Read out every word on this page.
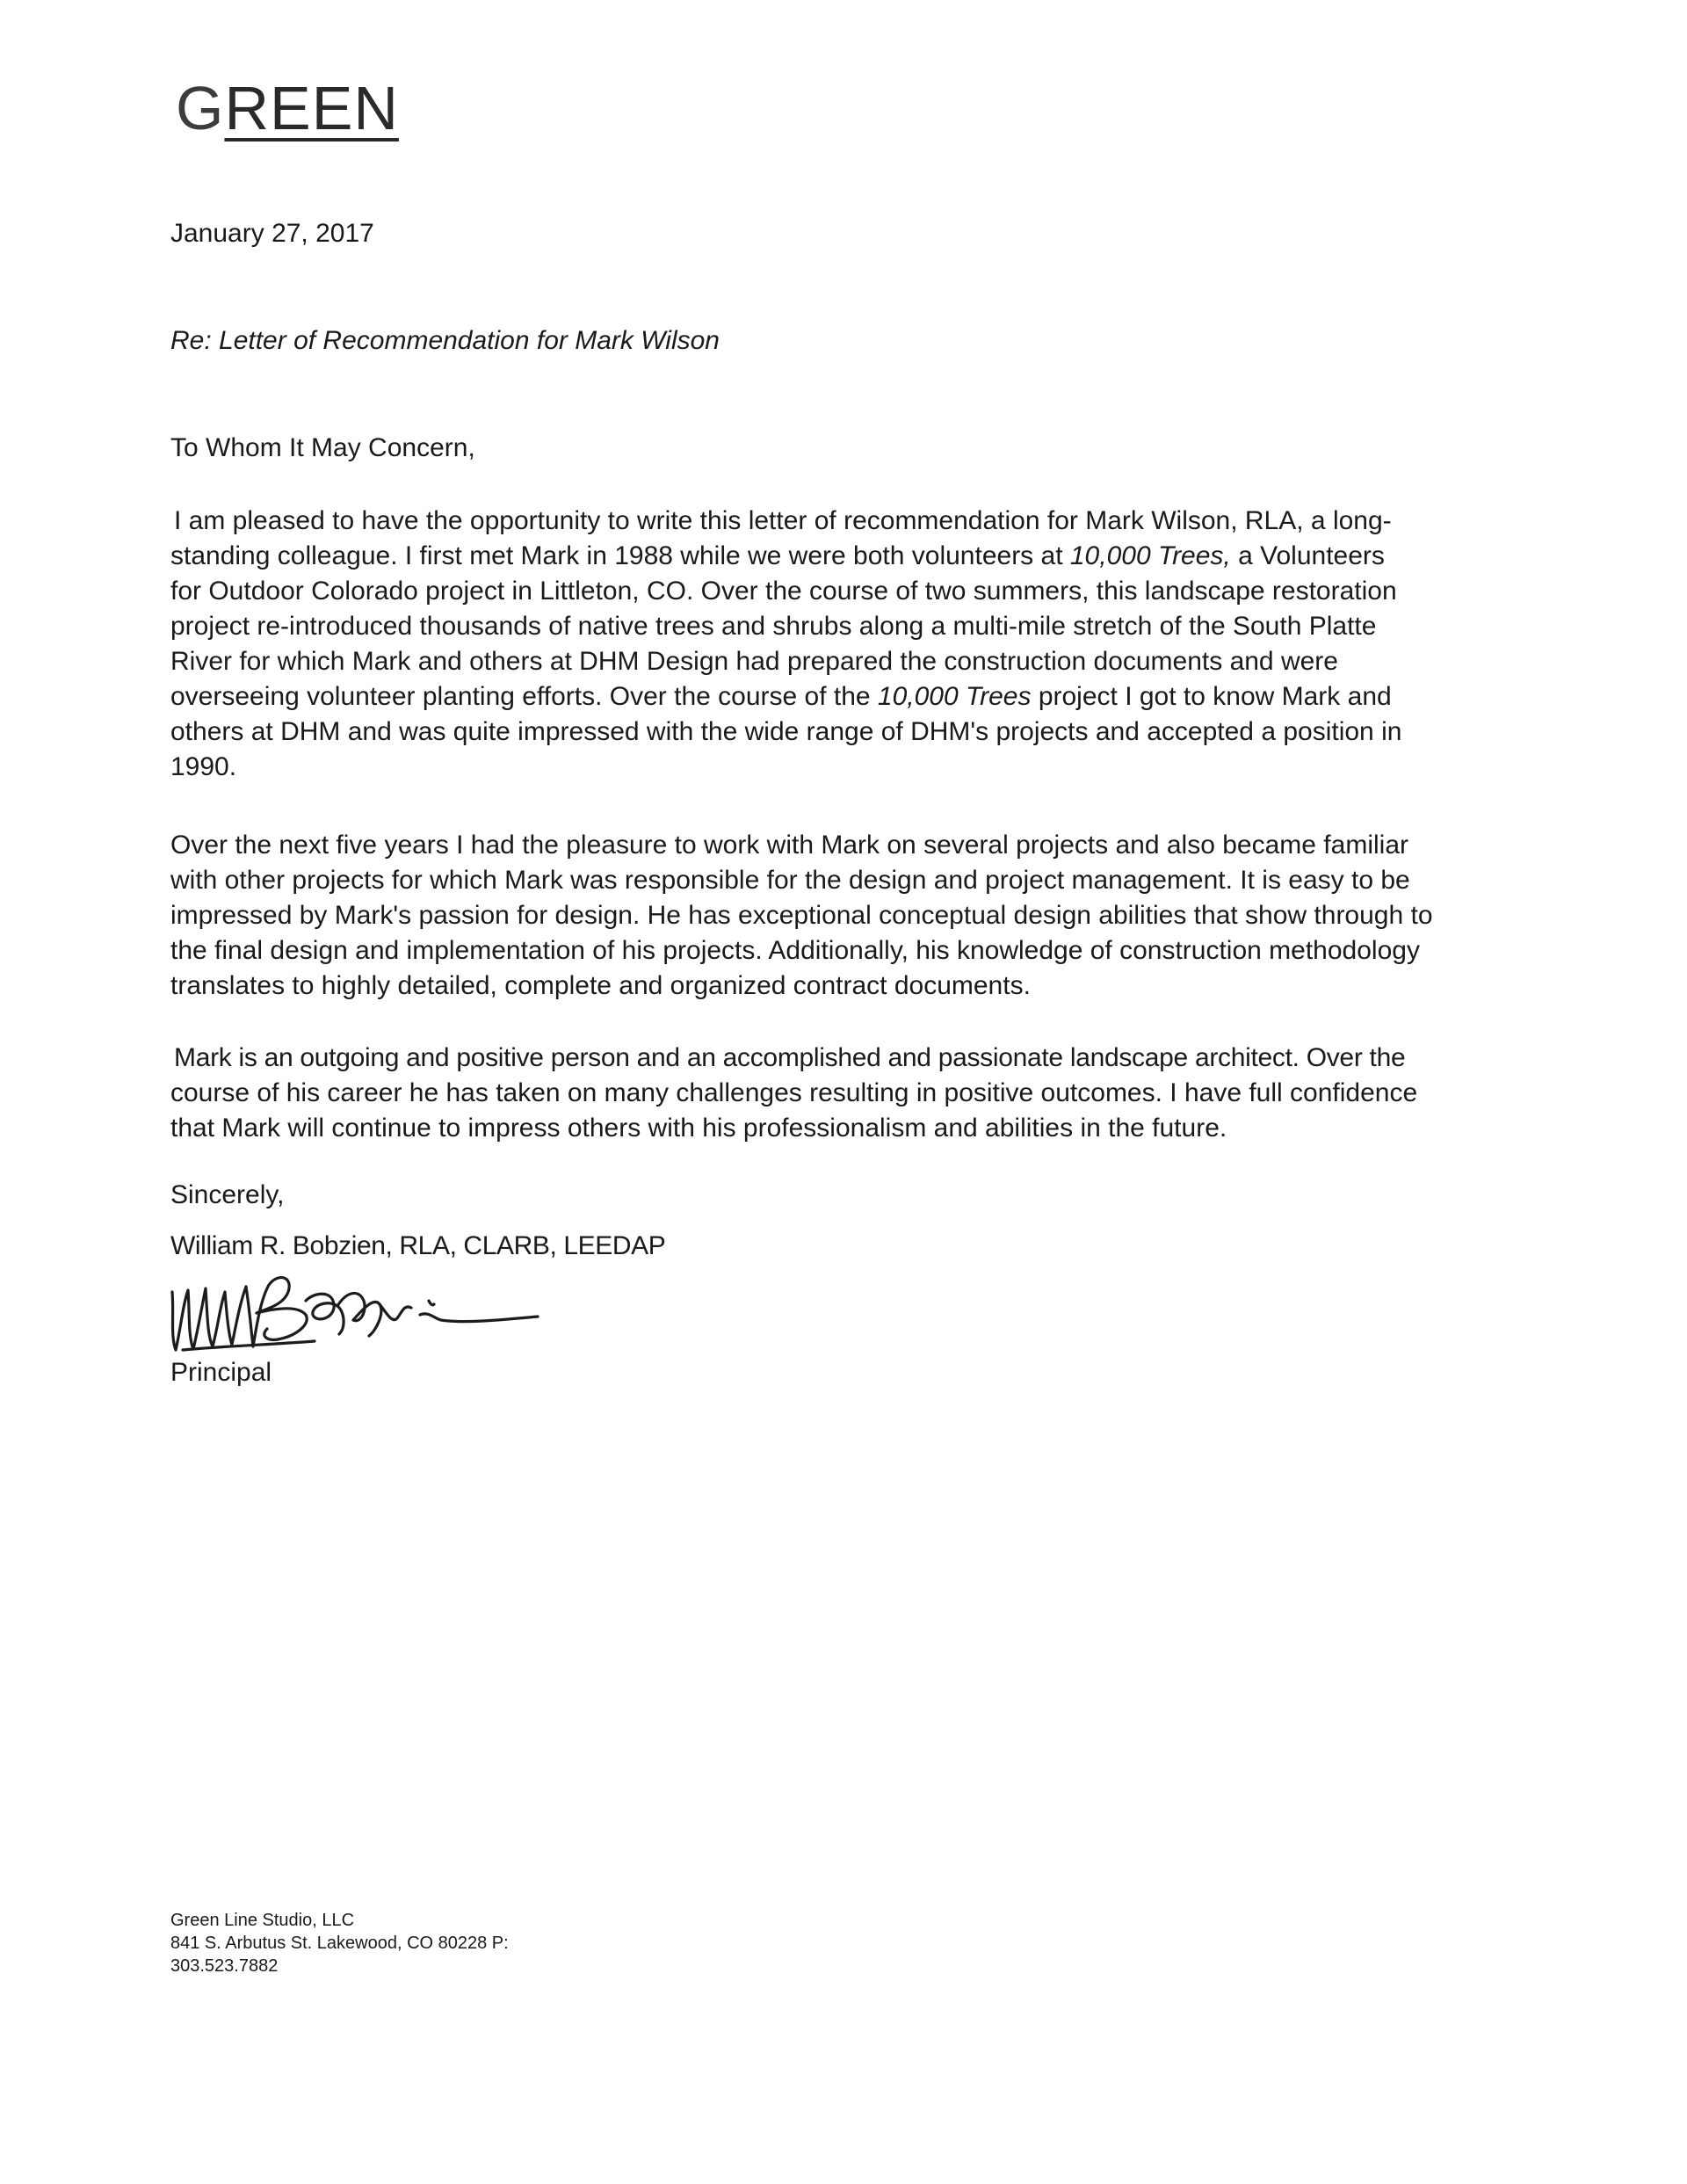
GREEN
January 27, 2017
Re: Letter of Recommendation for Mark Wilson
To Whom It May Concern,

I am pleased to have the opportunity to write this letter of recommendation for Mark Wilson, RLA, a long-
standing colleague. I first met Mark in 1988 while we were both volunteers at 10,000 Trees, a Volunteers
for Outdoor Colorado project in Littleton, CO. Over the course of two summers, this landscape restoration
project re-introduced thousands of native trees and shrubs along a multi-mile stretch of the South Platte
River for which Mark and others at DHM Design had prepared the construction documents and were
overseeing volunteer planting efforts. Over the course of the 10,000 Trees project I got to know Mark and
others at DHM and was quite impressed with the wide range of DHM's projects and accepted a position in
1990.

Over the next five years I had the pleasure to work with Mark on several projects and also became familiar
with other projects for which Mark was responsible for the design and project management. It is easy to be
impressed by Mark's passion for design. He has exceptional conceptual design abilities that show through to
the final design and implementation of his projects. Additionally, his knowledge of construction methodology
translates to highly detailed, complete and organized contract documents.

Mark is an outgoing and positive person and an accomplished and passionate landscape architect. Over the
course of his career he has taken on many challenges resulting in positive outcomes. I have full confidence
that Mark will continue to impress others with his professionalism and abilities in the future.

Sincerely,
William R. Bobzien, RLA, CLARB, LEEDAP
Principal
Green Line Studio, LLC
841 S. Arbutus St. Lakewood, CO 80228 P:
303.523.7882
